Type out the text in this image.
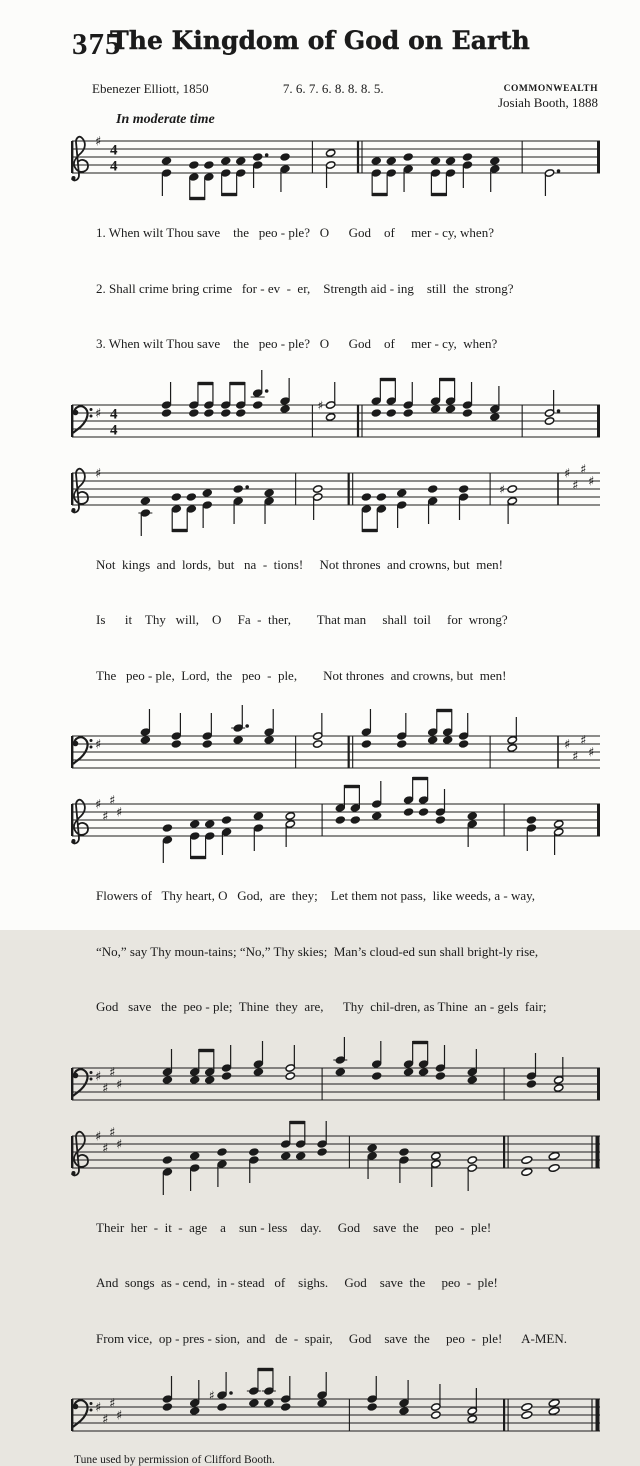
375
The Kingdom of God on Earth
Ebenezer Elliott, 1850	7. 6. 7. 6. 8. 8. 8. 5.	COMMONWEALTH
Josiah Booth, 1888
In moderate time
♯
4
4

1. When wilt Thou save    the   peo - ple?   O      God    of     mer - cy, when?

2. Shall crime bring crime   for - ev  -  er,    Strength aid - ing    still  the  strong?

3. When wilt Thou save    the   peo - ple?   O      God    of     mer - cy,  when?

♯ 4
4
♯
♯
♯
♯
♯
♯
♯

Not  kings  and  lords,  but   na  -  tions!     Not thrones  and crowns, but  men!

Is      it    Thy   will,    O     Fa  -  ther,        That man     shall  toil     for  wrong?

The   peo - ple,  Lord,  the   peo  -  ple,        Not thrones  and crowns, but  men!

♯	♯
♯
♯
♯
♯
♯
♯
♯

Flowers of   Thy heart, O   God,  are  they;    Let them not pass,  like weeds, a - way,

“No,” say Thy moun-tains; “No,” Thy skies;  Man’s cloud-ed sun shall bright-ly rise,

God   save   the  peo - ple;  Thine  they  are,      Thy  chil-dren, as Thine  an - gels  fair;

♯
♯
♯
♯
♯
♯
♯
♯

Their  her  -  it  -  age    a    sun - less    day.     God    save  the     peo  -  ple!

And  songs  as - cend,  in - stead   of    sighs.     God    save  the     peo  -  ple!

From vice,  op - pres - sion,  and   de  -  spair,     God    save  the     peo  -  ple!      A-MEN.

♯
♯
♯
♯
♯
Tune used by permission of Clifford Booth.
